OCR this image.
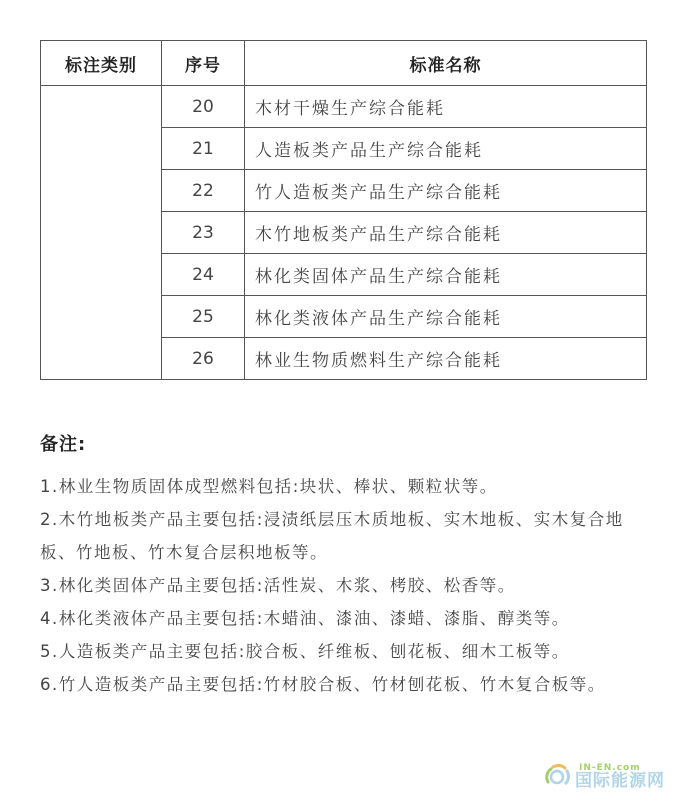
标注类别	序号	标准名称
	20	木材干燥生产综合能耗
	21	人造板类产品生产综合能耗
	22	竹人造板类产品生产综合能耗
	23	木竹地板类产品生产综合能耗
	24	林化类固体产品生产综合能耗
	25	林化类液体产品生产综合能耗
	26	林业生物质燃料生产综合能耗

备注:

1.林业生物质固体成型燃料包括:块状、棒状、颗粒状等。

2.木竹地板类产品主要包括:浸渍纸层压木质地板、实木地板、实木复合地板、竹地板、竹木复合层积地板等。

3.林化类固体产品主要包括:活性炭、木浆、栲胶、松香等。

4.林化类液体产品主要包括:木蜡油、漆油、漆蜡、漆脂、醇类等。

5.人造板类产品主要包括:胶合板、纤维板、刨花板、细木工板等。

6.竹人造板类产品主要包括:竹材胶合板、竹材刨花板、竹木复合板等。

IN-EN.com
国际能源网
